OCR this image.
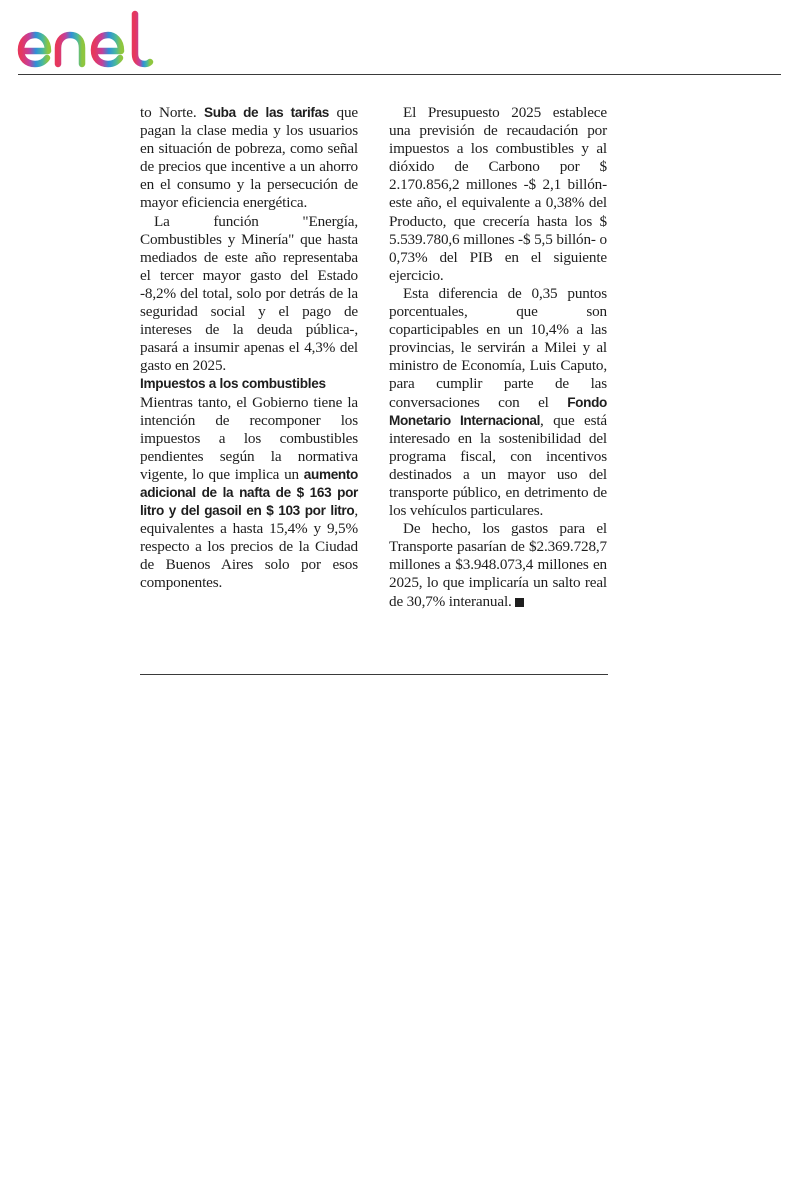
to Norte. Suba de las tarifas que pagan la clase media y los usuarios en situación de pobreza, como señal de precios que incentive a un ahorro en el consumo y la persecución de mayor eficiencia energética.

La función "Energía, Combustibles y Minería" que hasta mediados de este año representaba el tercer mayor gasto del Estado -8,2% del total, solo por detrás de la seguridad social y el pago de intereses de la deuda pública-, pasará a insumir apenas el 4,3% del gasto en 2025.

Impuestos a los combustibles

Mientras tanto, el Gobierno tiene la intención de recomponer los impuestos a los combustibles pendientes según la normativa vigente, lo que implica un aumento adicional de la nafta de $ 163 por litro y del gasoil en $ 103 por litro, equivalentes a hasta 15,4% y 9,5% respecto a los precios de la Ciudad de Buenos Aires solo por esos componentes.

El Presupuesto 2025 establece una previsión de recaudación por impuestos a los combustibles y al dióxido de Carbono por $ 2.170.856,2 millones -$ 2,1 billón- este año, el equivalente a 0,38% del Producto, que crecería hasta los $ 5.539.780,6 millones -$ 5,5 billón- o 0,73% del PIB en el siguiente ejercicio.

Esta diferencia de 0,35 puntos porcentuales, que son coparticipables en un 10,4% a las provincias, le servirán a Milei y al ministro de Economía, Luis Caputo, para cumplir parte de las conversaciones con el Fondo Monetario Internacional, que está interesado en la sostenibilidad del programa fiscal, con incentivos destinados a un mayor uso del transporte público, en detrimento de los vehículos particulares.

De hecho, los gastos para el Transporte pasarían de $2.369.728,7 millones a $3.948.073,4 millones en 2025, lo que implicaría un salto real de 30,7% interanual.
